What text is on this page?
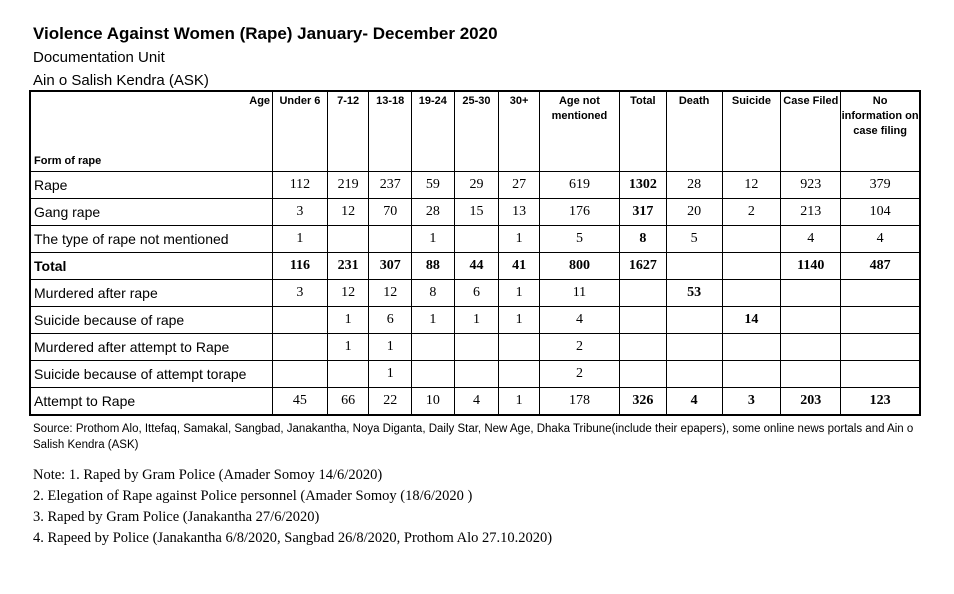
Violence Against Women (Rape) January- December 2020
Documentation Unit
Ain o Salish Kendra (ASK)
Age
Form of rape	Under 6	7-12	13-18	19-24	25-30	30+	Age not mentioned	Total	Death	Suicide	Case Filed	No information on case filing
Rape	112	219	237	59	29	27	619	1302	28	12	923	379
Gang rape	3	12	70	28	15	13	176	317	20	2	213	104
The type of rape not mentioned	1			1		1	5	8	5		4	4
Total	116	231	307	88	44	41	800	1627			1140	487
Murdered after rape	3	12	12	8	6	1	11		53			
Suicide because of rape		1	6	1	1	1	4			14		
Murdered after attempt to Rape		1	1				2					
Suicide because of attempt torape			1				2					
Attempt to Rape	45	66	22	10	4	1	178	326	4	3	203	123
Source: Prothom Alo, Ittefaq, Samakal, Sangbad, Janakantha, Noya Diganta, Daily Star, New Age, Dhaka Tribune(include their epapers), some online news portals and Ain o Salish Kendra (ASK)
Note: 1. Raped by Gram Police (Amader Somoy 14/6/2020)
2. Elegation of Rape against Police personnel (Amader Somoy (18/6/2020 )
3. Raped by Gram Police (Janakantha 27/6/2020)
4. Rapeed by Police (Janakantha 6/8/2020, Sangbad 26/8/2020, Prothom Alo 27.10.2020)
